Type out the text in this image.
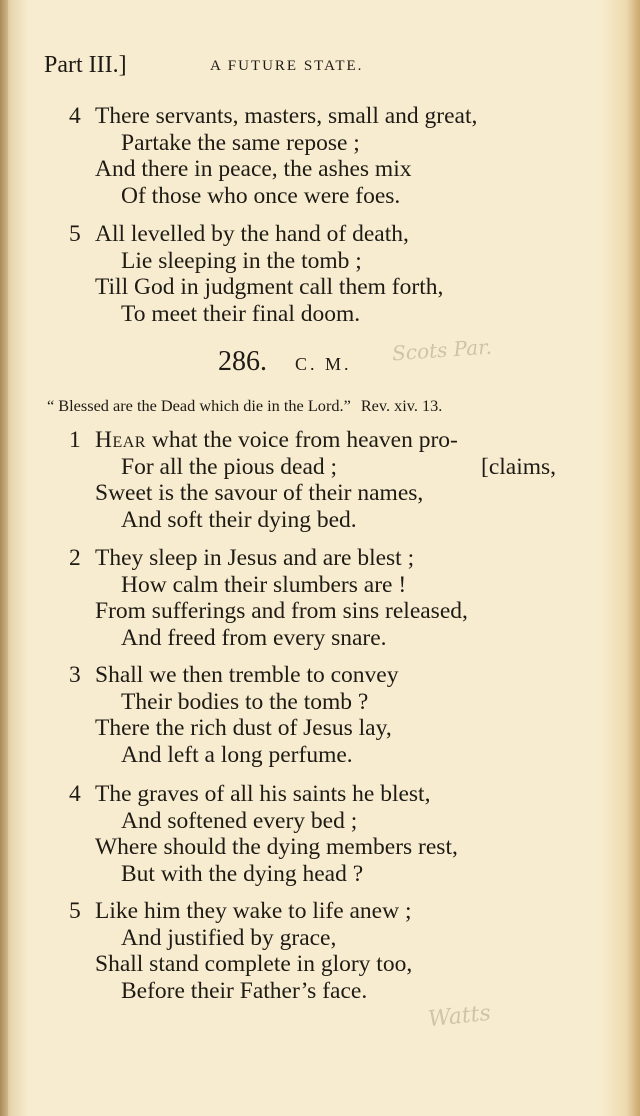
Part III.]	A FUTURE STATE.
4 There servants, masters, small and great,
Partake the same repose ;
And there in peace, the ashes mix
Of those who once were foes.
5 All levelled by the hand of death,
Lie sleeping in the tomb ;
Till God in judgment call them forth,
To meet their final doom.
286. C. M. Scots Par.
“ Blessed are the Dead which die in the Lord.” Rev. xiv. 13.
1 Hear what the voice from heaven pro-
For all the pious dead ;	[claims,
Sweet is the savour of their names,
And soft their dying bed.
2 They sleep in Jesus and are blest ;
How calm their slumbers are !
From sufferings and from sins released,
And freed from every snare.
3 Shall we then tremble to convey
Their bodies to the tomb ?
There the rich dust of Jesus lay,
And left a long perfume.
4 The graves of all his saints he blest,
And softened every bed ;
Where should the dying members rest,
But with the dying head ?
5 Like him they wake to life anew ;
And justified by grace,
Shall stand complete in glory too,
Before their Father’s face.
Watts
